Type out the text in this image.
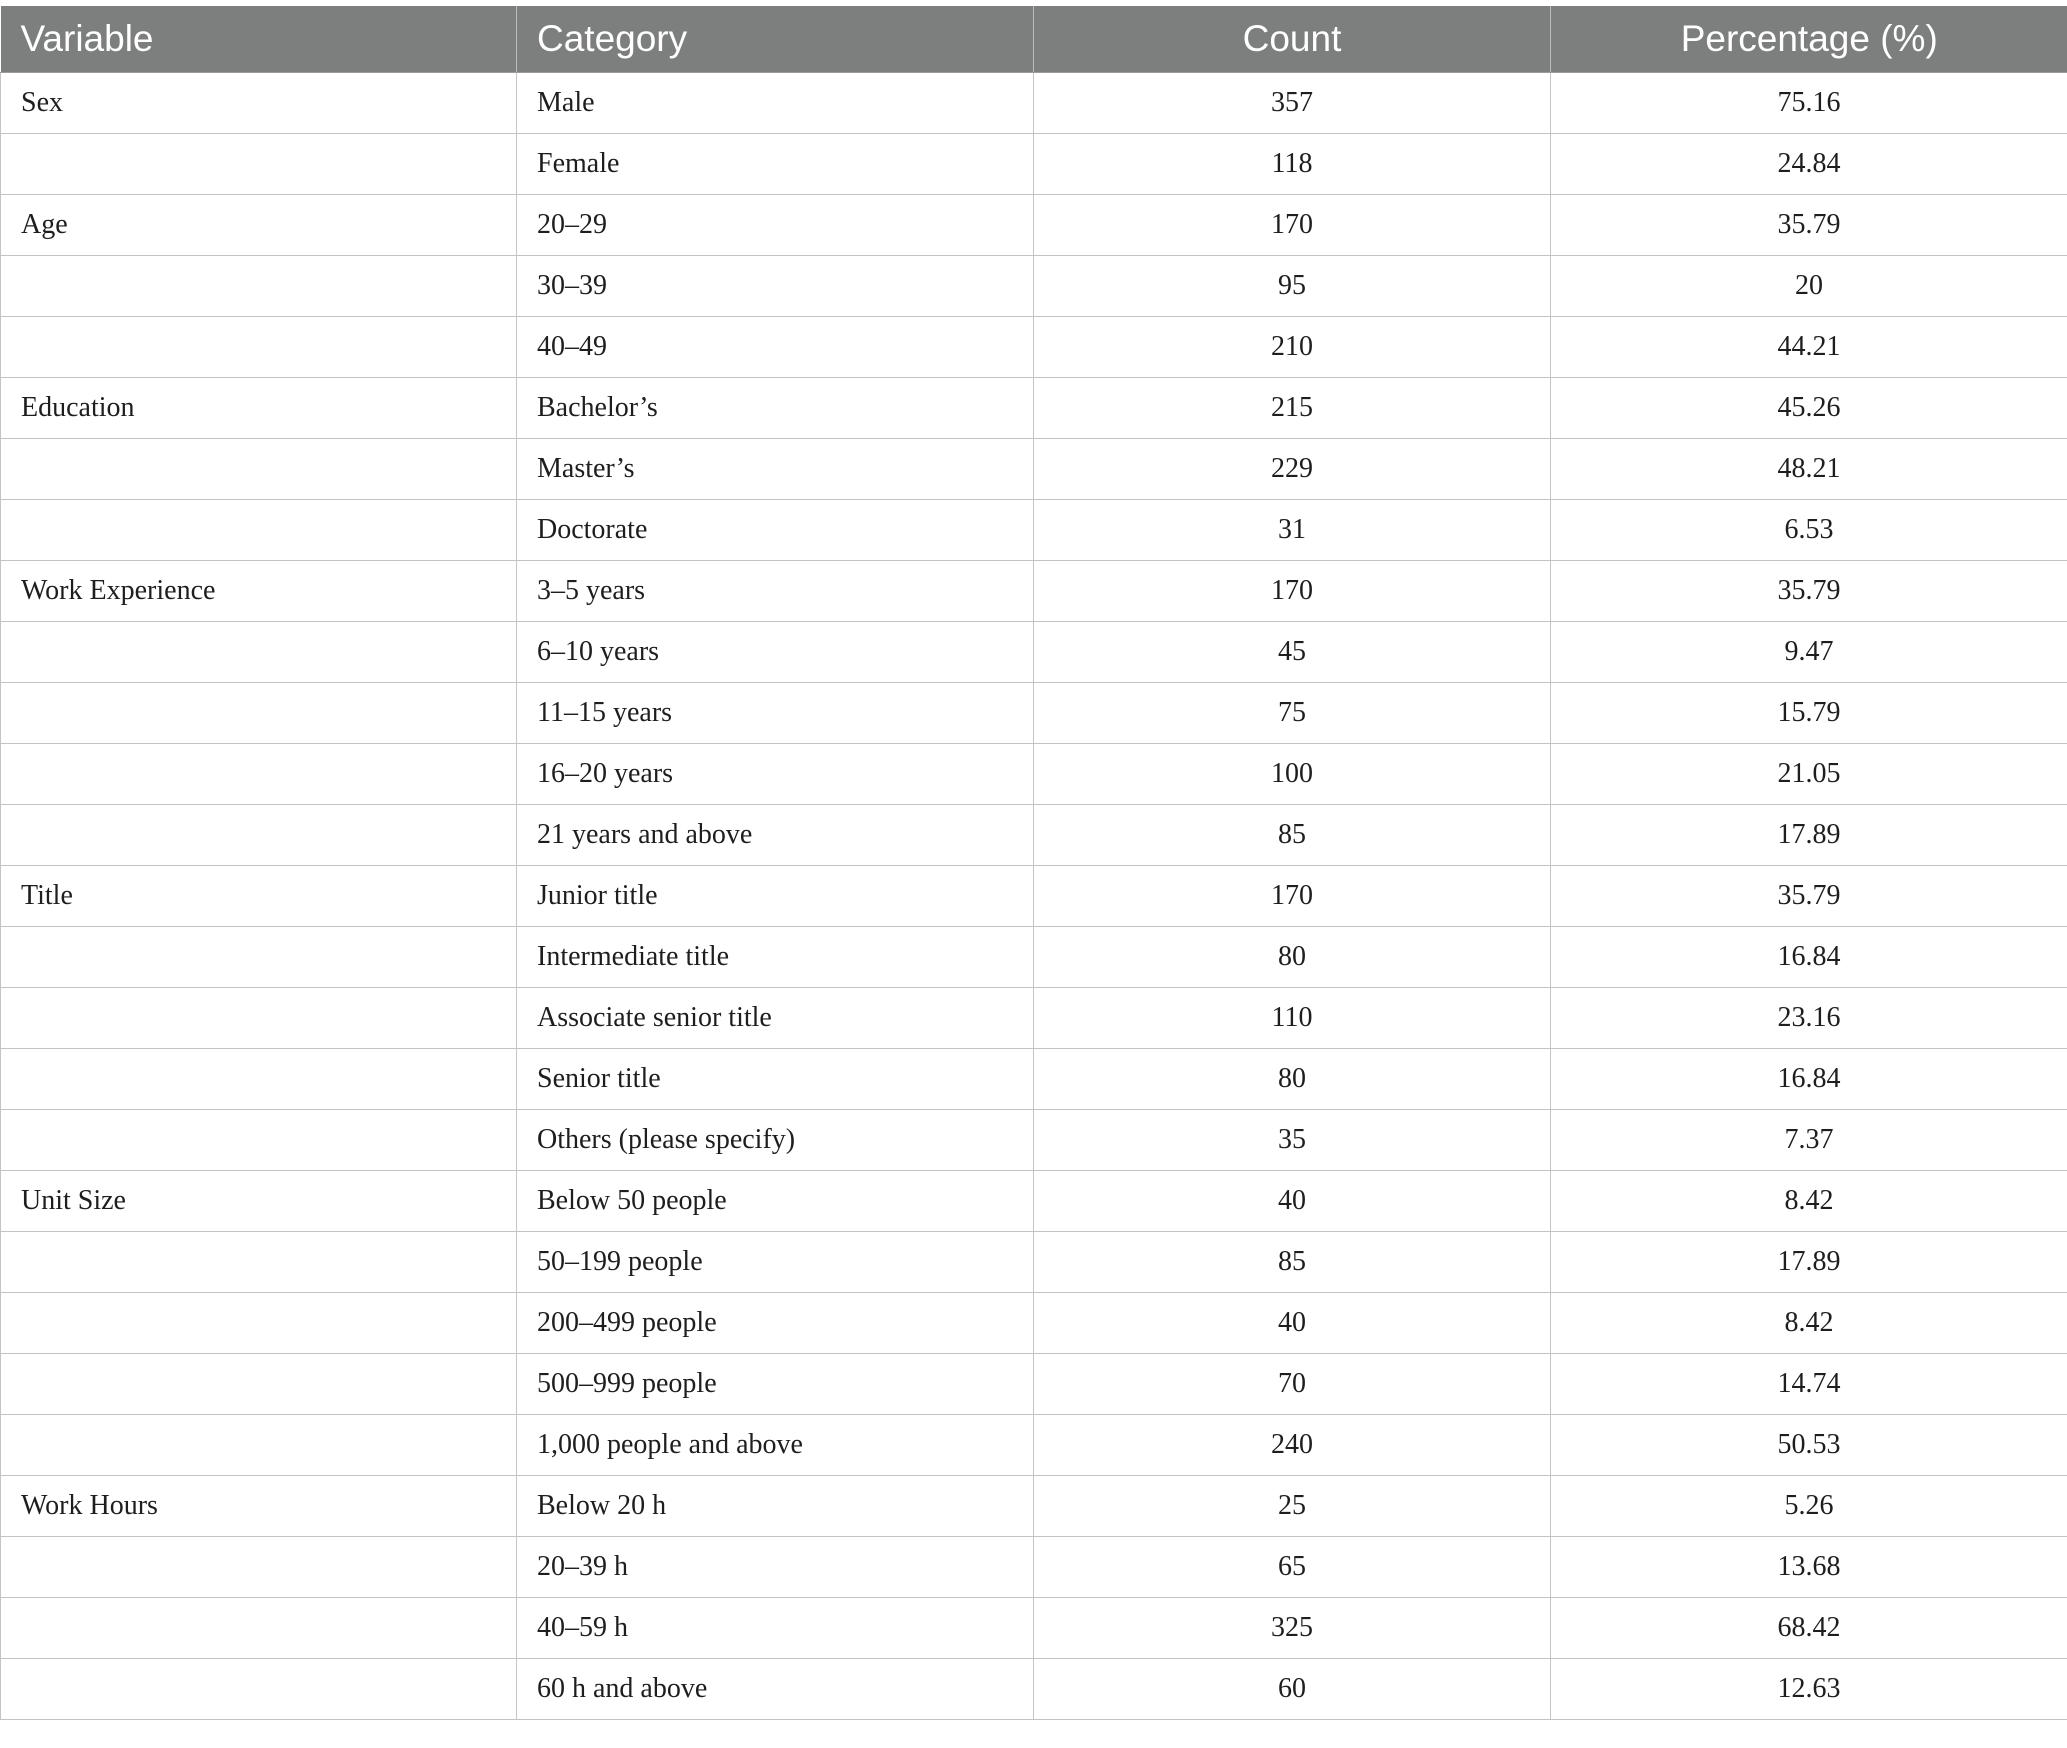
Variable	Category	Count	Percentage (%)
Sex	Male	357	75.16
	Female	118	24.84
Age	20–29	170	35.79
	30–39	95	20
	40–49	210	44.21
Education	Bachelor’s	215	45.26
	Master’s	229	48.21
	Doctorate	31	6.53
Work Experience	3–5 years	170	35.79
	6–10 years	45	9.47
	11–15 years	75	15.79
	16–20 years	100	21.05
	21 years and above	85	17.89
Title	Junior title	170	35.79
	Intermediate title	80	16.84
	Associate senior title	110	23.16
	Senior title	80	16.84
	Others (please specify)	35	7.37
Unit Size	Below 50 people	40	8.42
	50–199 people	85	17.89
	200–499 people	40	8.42
	500–999 people	70	14.74
	1,000 people and above	240	50.53
Work Hours	Below 20 h	25	5.26
	20–39 h	65	13.68
	40–59 h	325	68.42
	60 h and above	60	12.63
